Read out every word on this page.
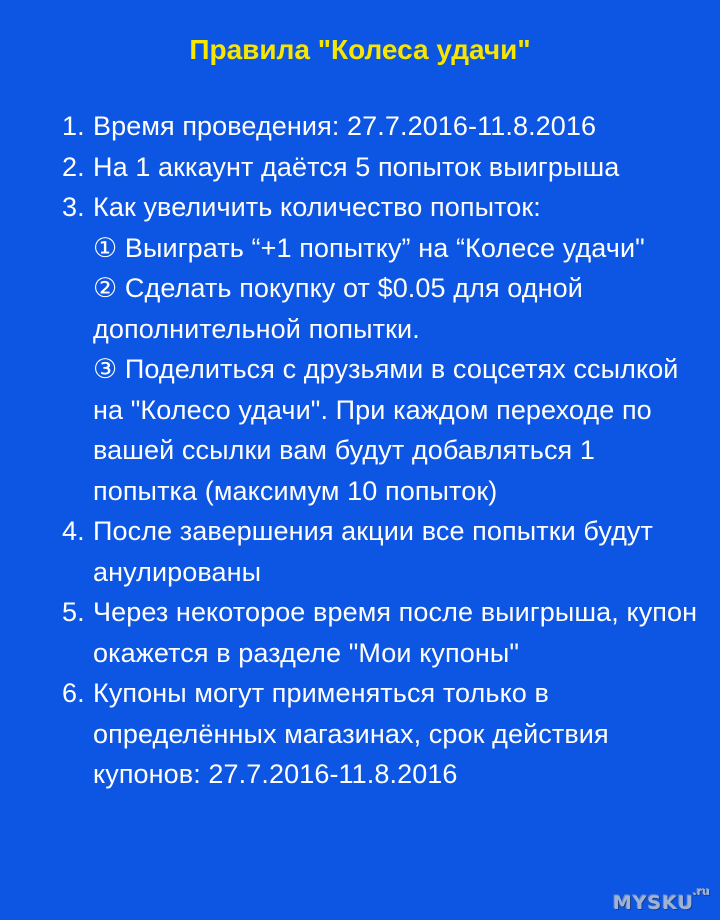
Правила "Колеса удачи"
1. Время проведения: 27.7.2016-11.8.2016
2. На 1 аккаунт даётся 5 попыток выигрыша
3. Как увеличить количество попыток:
① Выиграть “+1 попытку” на “Колесе удачи"
② Сделать покупку от $0.05 для одной дополнительной попытки.
③ Поделиться с друзьями в соцсетях ссылкой на "Колесо удачи". При каждом переходе по вашей ссылки вам будут добавляться 1 попытка (максимум 10 попыток)
4. После завершения акции все попытки будут анулированы
5. Через некоторое время после выигрыша, купон окажется в разделе "Мои купоны"
6. Купоны могут применяться только в определённых магазинах, срок действия купонов: 27.7.2016-11.8.2016
MYSKU
.ru
